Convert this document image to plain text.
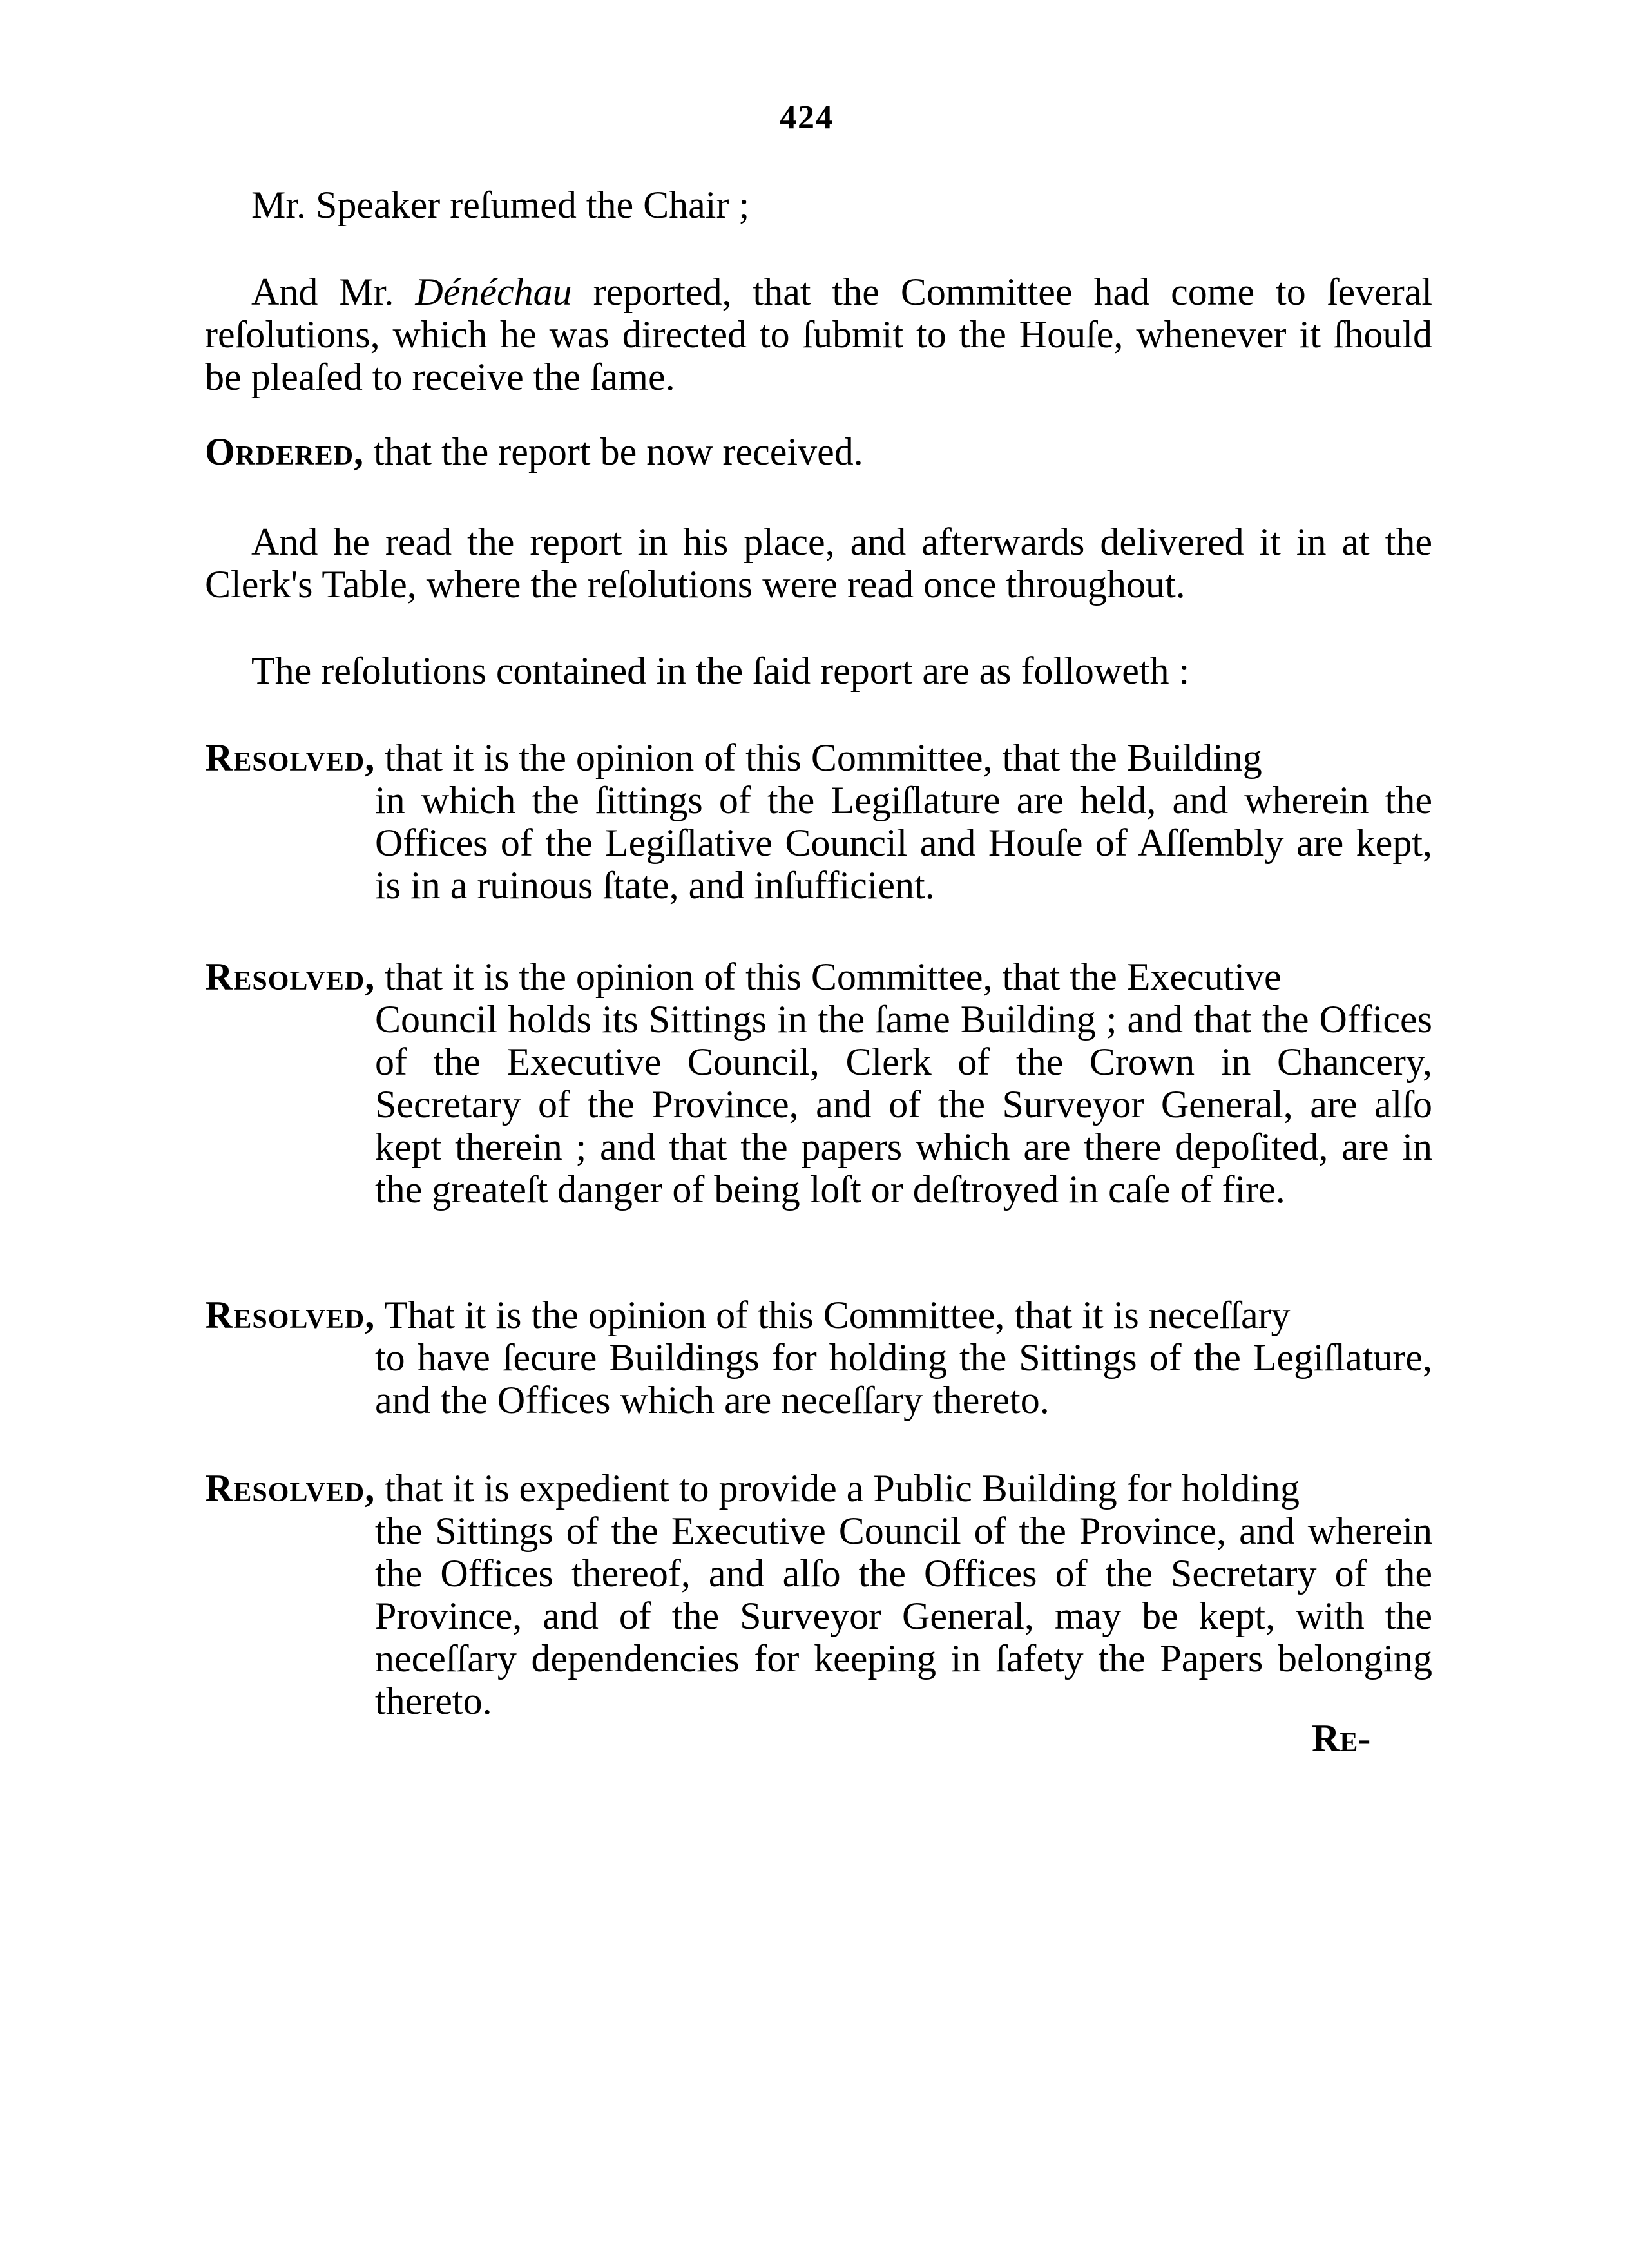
424
Mr. Speaker reſumed the Chair ;
And Mr. Dénéchau reported, that the Committee had come to ſeveral reſolutions, which he was directed to ſubmit to the Houſe, whenever it ſhould be pleaſed to receive the ſame.
Ordered, that the report be now received.
And he read the report in his place, and afterwards delivered it in at the Clerk's Table, where the reſolutions were read once throughout.
The reſolutions contained in the ſaid report are as followeth :
Resolved, that it is the opinion of this Committee, that the Building
in which the ſittings of the Legiſlature are held, and wherein the Offices of the Legiſlative Council and Houſe of Aſſembly are kept, is in a ruinous ſtate, and inſufficient.
Resolved, that it is the opinion of this Committee, that the Executive
Council holds its Sittings in the ſame Building ; and that the Offices of the Executive Council, Clerk of the Crown in Chancery, Secretary of the Province, and of the Surveyor General, are alſo kept therein ; and that the papers which are there depoſited, are in the greateſt danger of being loſt or deſtroyed in caſe of fire.
Resolved, That it is the opinion of this Committee, that it is neceſſary
to have ſecure Buildings for holding the Sittings of the Legiſlature, and the Offices which are neceſſary thereto.
Resolved, that it is expedient to provide a Public Building for holding
the Sittings of the Executive Council of the Province, and wherein the Offices thereof, and alſo the Offices of the Secretary of the Province, and of the Surveyor General, may be kept, with the neceſſary dependencies for keeping in ſafety the Papers belonging thereto.
Re-
